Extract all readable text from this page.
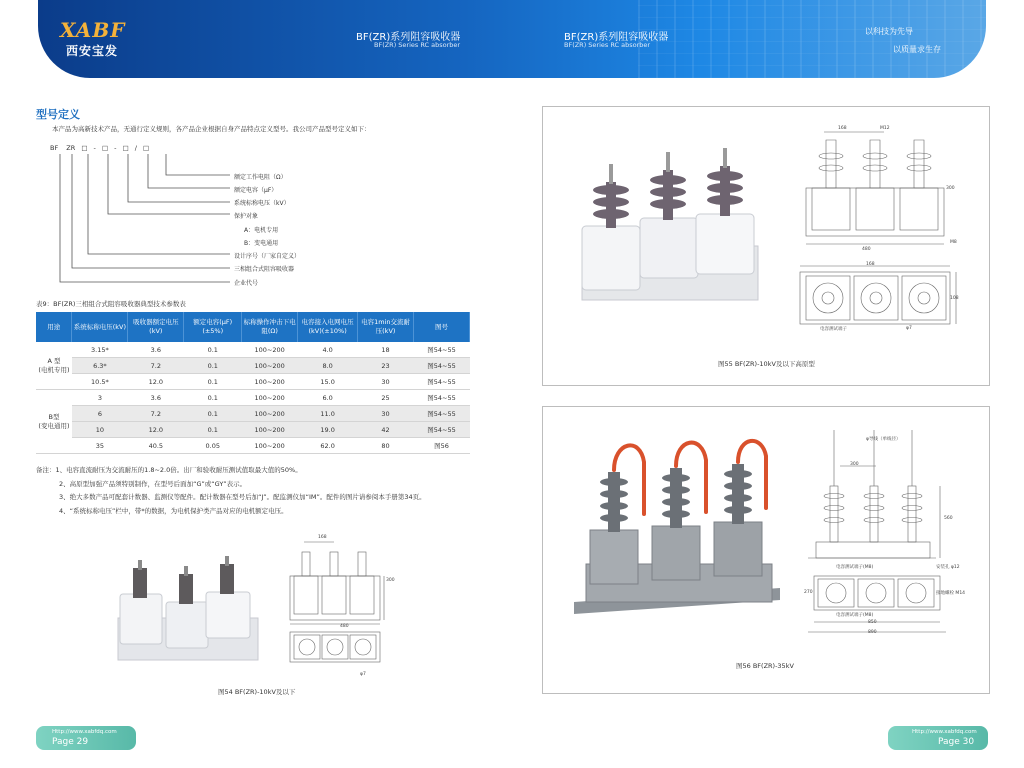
XABF
西安宝发
BF(ZR)系列阻容吸收器
BF(ZR) Series RC absorber
BF(ZR)系列阻容吸收器
BF(ZR) Series RC absorber
以科技为先导
以质量求生存
型号定义
本产品为高新技术产品，无通行定义规则，各产品企业根据自身产品特点定义型号。我公司产品型号定义如下：
BF ZR □ - □ - □ / □
额定工作电阻（Ω）
额定电容（μF）
系统标称电压（kV）
保护对象
A：电机专用
B：变电通用
设计序号（厂家自定义）
三相组合式阻容吸收器
企业代号
表9：BF(ZR)三相组合式阻容吸收器典型技术参数表
用途	系统标称电压(kV)	吸收器额定电压(kV)	额定电容(μF)(±5%)	标称操作冲击下电阻(Ω)	电容接入电网电压(kV)(±10%)	电容1min交流耐压(kV)	图号
A 型
(电机专用)	3.15*	3.6	0.1	100~200	4.0	18	图54~55
	6.3*	7.2	0.1	100~200	8.0	23	图54~55
	10.5*	12.0	0.1	100~200	15.0	30	图54~55
B型
(变电通用)	3	3.6	0.1	100~200	6.0	25	图54~55
	6	7.2	0.1	100~200	11.0	30	图54~55
	10	12.0	0.1	100~200	19.0	42	图54~55
	35	40.5	0.05	100~200	62.0	80	图56
备注：1、电容直流耐压为交流耐压的1.8~2.0倍。出厂和验收耐压测试值取最大值的50%。
2、高原型加强产品须特别制作，在型号后面加“G”或“GY”表示。
3、绝大多数产品可配套计数器、监测仪等配件。配计数器在型号后加“J”。配监测仪加“IM”。配件的图片请参阅本手册第34页。
4、“系统标称电压”栏中，带*的数据，为电机保护类产品对应的电机额定电压。
168
480
300
φ7
图54 BF(ZR)-10kV及以下
Http://www.xabfdq.com
Page 29
168	M12
300
480
M8
168
108
电容测试端子	φ7
图55 BF(ZR)-10kV及以下高原型
φ导线（单线径）
300
560
安装孔 φ12
电容测试端子(M8)
接地螺栓 M14
270
电容测试端子(M8)
850
890
图56 BF(ZR)-35kV
Http://www.xabfdq.com
Page 30
